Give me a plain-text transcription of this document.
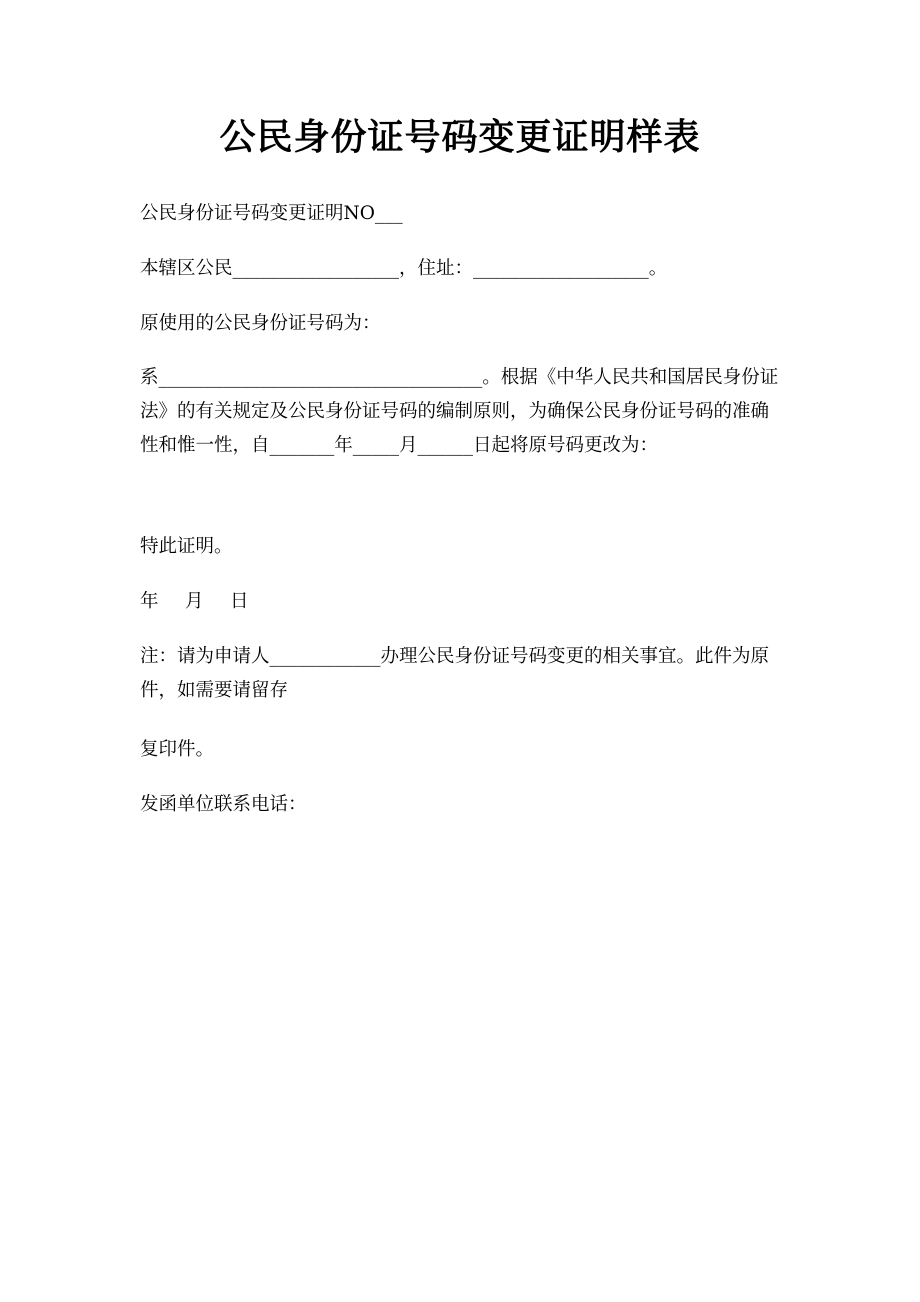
公民身份证号码变更证明样表

公民身份证号码变更证明NO___

本辖区公民__________________，住址：___________________。

原使用的公民身份证号码为：

系___________________________________。根据《中华人民共和国居民身份证法》的有关规定及公民身份证号码的编制原则，为确保公民身份证号码的准确性和惟一性，自_______年_____月______日起将原号码更改为：

特此证明。

年 月 日

注：请为申请人____________办理公民身份证号码变更的相关事宜。此件为原件，如需要请留存

复印件。

发函单位联系电话：
